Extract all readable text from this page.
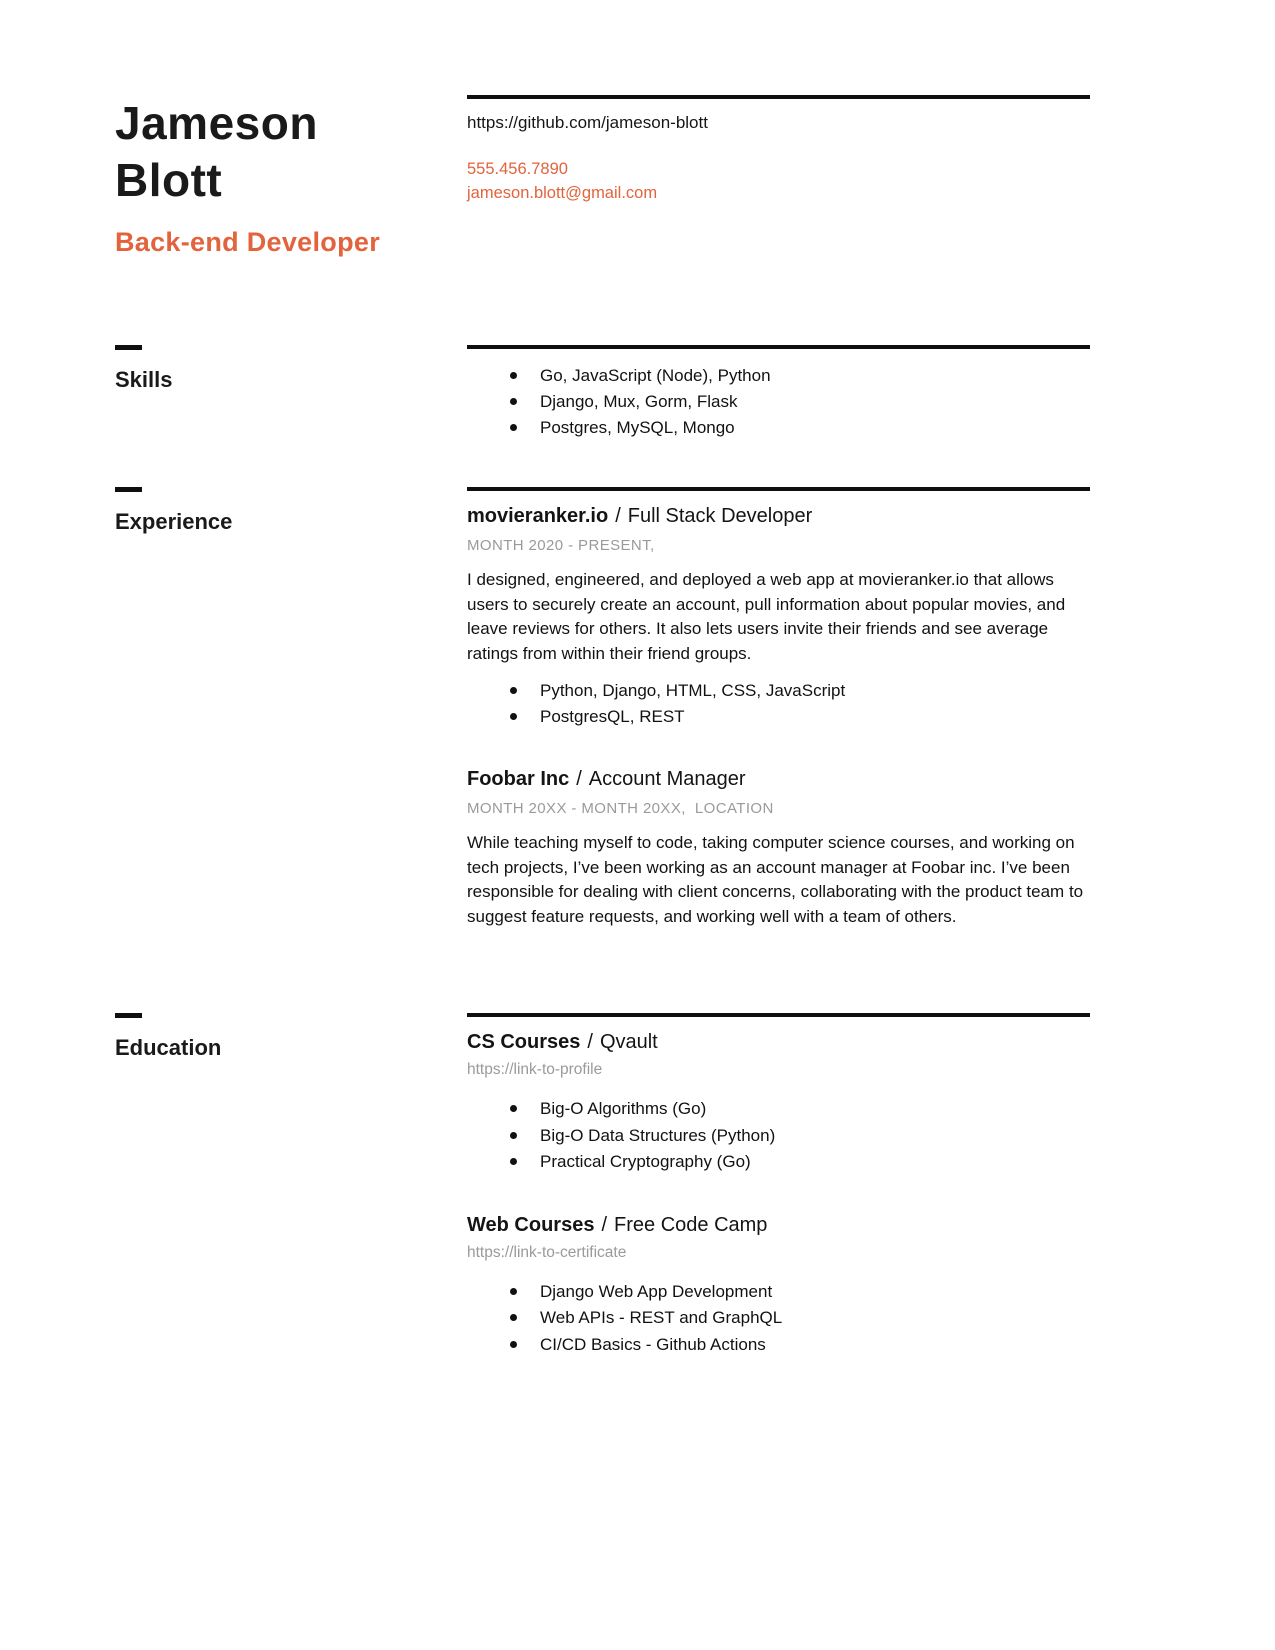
Jameson
Blott
Back-end Developer
https://github.com/jameson-blott
555.456.7890
jameson.blott@gmail.com
Skills	Go, JavaScript (Node), Python
Django, Mux, Gorm, Flask
Postgres, MySQL, Mongo
Experience	movieranker.io / Full Stack Developer
MONTH 2020 - PRESENT,
I designed, engineered, and deployed a web app at movieranker.io that allows users to securely create an account, pull information about popular movies, and leave reviews for others. It also lets users invite their friends and see average ratings from within their friend groups.
Python, Django, HTML, CSS, JavaScript
PostgresQL, REST
Foobar Inc / Account Manager
MONTH 20XX - MONTH 20XX,  LOCATION
While teaching myself to code, taking computer science courses, and working on tech projects, I’ve been working as an account manager at Foobar inc. I’ve been responsible for dealing with client concerns, collaborating with the product team to suggest feature requests, and working well with a team of others.
Education	CS Courses / Qvault
https://link-to-profile
Big-O Algorithms (Go)
Big-O Data Structures (Python)
Practical Cryptography (Go)
Web Courses / Free Code Camp
https://link-to-certificate
Django Web App Development
Web APIs - REST and GraphQL
CI/CD Basics - Github Actions
